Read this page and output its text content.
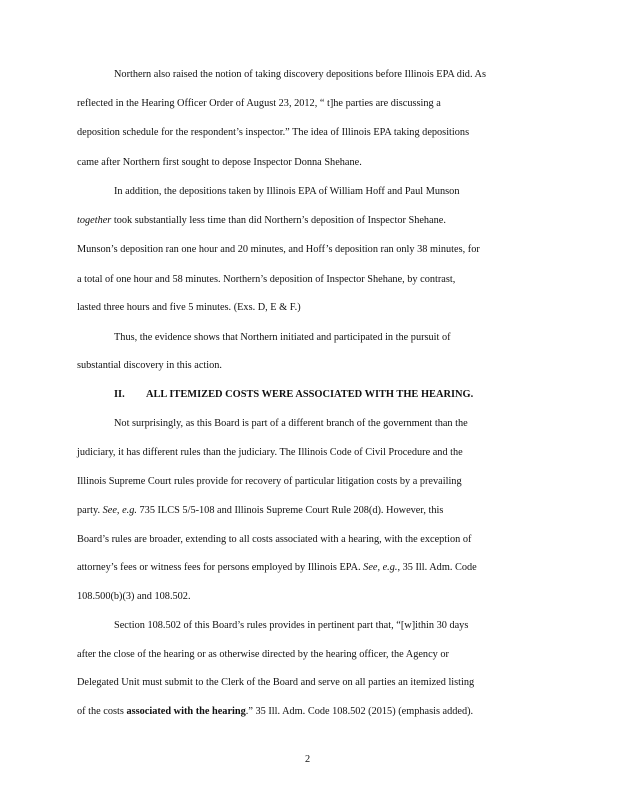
Northern also raised the notion of taking discovery depositions before Illinois EPA did. As
reflected in the Hearing Officer Order of August 23, 2012, “ t]he parties are discussing a
deposition schedule for the respondent’s inspector.” The idea of Illinois EPA taking depositions
came after Northern first sought to depose Inspector Donna Shehane.
In addition, the depositions taken by Illinois EPA of William Hoff and Paul Munson
together took substantially less time than did Northern’s deposition of Inspector Shehane.
Munson’s deposition ran one hour and 20 minutes, and Hoff’s deposition ran only 38 minutes, for
a total of one hour and 58 minutes. Northern’s deposition of Inspector Shehane, by contrast,
lasted three hours and five 5 minutes. (Exs. D, E & F.)
Thus, the evidence shows that Northern initiated and participated in the pursuit of
substantial discovery in this action.
II. ALL ITEMIZED COSTS WERE ASSOCIATED WITH THE HEARING.
Not surprisingly, as this Board is part of a different branch of the government than the
judiciary, it has different rules than the judiciary. The Illinois Code of Civil Procedure and the
Illinois Supreme Court rules provide for recovery of particular litigation costs by a prevailing
party. See, e.g. 735 ILCS 5/5-108 and Illinois Supreme Court Rule 208(d). However, this
Board’s rules are broader, extending to all costs associated with a hearing, with the exception of
attorney’s fees or witness fees for persons employed by Illinois EPA. See, e.g., 35 Ill. Adm. Code
108.500(b)(3) and 108.502.
Section 108.502 of this Board’s rules provides in pertinent part that, “[w]ithin 30 days
after the close of the hearing or as otherwise directed by the hearing officer, the Agency or
Delegated Unit must submit to the Clerk of the Board and serve on all parties an itemized listing
of the costs associated with the hearing.” 35 Ill. Adm. Code 108.502 (2015) (emphasis added).
2
